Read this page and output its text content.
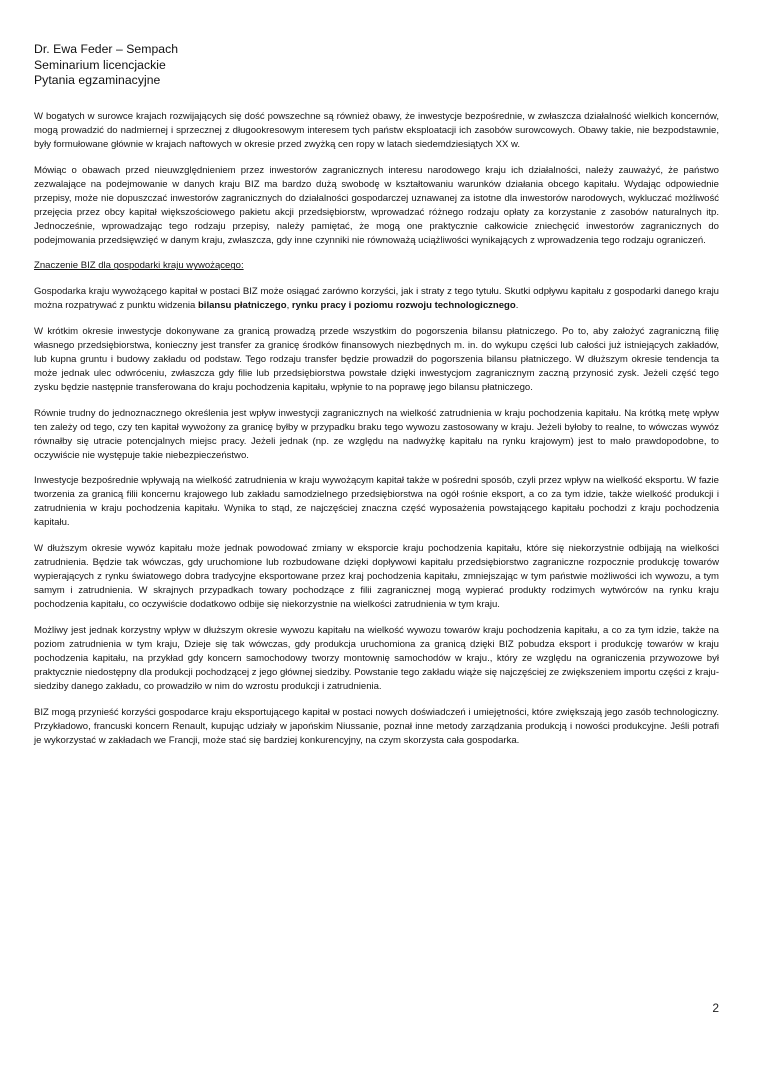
Dr. Ewa Feder – Sempach
Seminarium licencjackie
Pytania egzaminacyjne

W bogatych w surowce krajach rozwijających się dość powszechne są również obawy, że inwestycje bezpośrednie, w zwłaszcza działalność wielkich koncernów, mogą prowadzić do nadmiernej i sprzecznej z długookresowym interesem tych państw eksploatacji ich zasobów surowcowych. Obawy takie, nie bezpodstawnie, były formułowane głównie w krajach naftowych w okresie przed zwyżką cen ropy w latach siedemdziesiątych XX w.

Mówiąc o obawach przed nieuwzględnieniem przez inwestorów zagranicznych interesu narodowego kraju ich działalności, należy zauważyć, że państwo zezwalające na podejmowanie w danych kraju BIZ ma bardzo dużą swobodę w kształtowaniu warunków działania obcego kapitału. Wydając odpowiednie przepisy, może nie dopuszczać inwestorów zagranicznych do działalności gospodarczej uznawanej za istotne dla inwestorów narodowych, wykluczać możliwość przejęcia przez obcy kapitał większościowego pakietu akcji przedsiębiorstw, wprowadzać różnego rodzaju opłaty za korzystanie z zasobów naturalnych itp. Jednocześnie, wprowadzając tego rodzaju przepisy, należy pamiętać, że mogą one praktycznie całkowicie zniechęcić inwestorów zagranicznych do podejmowania przedsięwzięć w danym kraju, zwłaszcza, gdy inne czynniki nie równoważą uciążliwości wynikających z wprowadzenia tego rodzaju ograniczeń.

Znaczenie BIZ dla gospodarki kraju wywożącego:

Gospodarka kraju wywożącego kapitał w postaci BIZ może osiągać zarówno korzyści, jak i straty z tego tytułu. Skutki odpływu kapitału z gospodarki danego kraju można rozpatrywać z punktu widzenia bilansu płatniczego, rynku pracy i poziomu rozwoju technologicznego.

W krótkim okresie inwestycje dokonywane za granicą prowadzą przede wszystkim do pogorszenia bilansu płatniczego. Po to, aby założyć zagraniczną filię własnego przedsiębiorstwa, konieczny jest transfer za granicę środków finansowych niezbędnych m. in. do wykupu części lub całości już istniejących zakładów, lub kupna gruntu i budowy zakładu od podstaw. Tego rodzaju transfer będzie prowadził do pogorszenia bilansu płatniczego. W dłuższym okresie tendencja ta może jednak ulec odwróceniu, zwłaszcza gdy filie lub przedsiębiorstwa powstałe dzięki inwestycjom zagranicznym zaczną przynosić zysk. Jeżeli część tego zysku będzie następnie transferowana do kraju pochodzenia kapitału, wpłynie to na poprawę jego bilansu płatniczego.

Równie trudny do jednoznacznego określenia jest wpływ inwestycji zagranicznych na wielkość zatrudnienia w kraju pochodzenia kapitału. Na krótką metę wpływ ten zależy od tego, czy ten kapitał wywożony za granicę byłby w przypadku braku tego wywozu zastosowany w kraju. Jeżeli byłoby to realne, to wówczas wywóz równałby się utracie potencjalnych miejsc pracy. Jeżeli jednak (np. ze względu na nadwyżkę kapitału na rynku krajowym) jest to mało prawdopodobne, to oczywiście nie występuje takie niebezpieczeństwo.

Inwestycje bezpośrednie wpływają na wielkość zatrudnienia w kraju wywożącym kapitał także w pośredni sposób, czyli przez wpływ na wielkość eksportu. W fazie tworzenia za granicą filii koncernu krajowego lub zakładu samodzielnego przedsiębiorstwa na ogół rośnie eksport, a co za tym idzie, także wielkość produkcji i zatrudnienia w kraju pochodzenia kapitału. Wynika to stąd, ze najczęściej znaczna część wyposażenia powstającego kapitału pochodzi z kraju pochodzenia kapitału.

W dłuższym okresie wywóz kapitału może jednak powodować zmiany w eksporcie kraju pochodzenia kapitału, które się niekorzystnie odbijają na wielkości zatrudnienia. Będzie tak wówczas, gdy uruchomione lub rozbudowane dzięki dopływowi kapitału przedsiębiorstwo zagraniczne rozpocznie produkcję towarów wypierających z rynku światowego dobra tradycyjne eksportowane przez kraj pochodzenia kapitału, zmniejszając w tym państwie możliwości ich wywozu, a tym samym i zatrudnienia. W skrajnych przypadkach towary pochodzące z filii zagranicznej mogą wypierać produkty rodzimych wytwórców na rynku kraju pochodzenia kapitału, co oczywiście dodatkowo odbije się niekorzystnie na wielkości zatrudnienia w tym kraju.

Możliwy jest jednak korzystny wpływ w dłuższym okresie wywozu kapitału na wielkość wywozu towarów kraju pochodzenia kapitału, a co za tym idzie, także na poziom zatrudnienia w tym kraju, Dzieje się tak wówczas, gdy produkcja uruchomiona za granicą dzięki BIZ pobudza eksport i produkcję towarów w kraju pochodzenia kapitału, na przykład gdy koncern samochodowy tworzy montownię samochodów w kraju., który ze względu na ograniczenia przywozowe był praktycznie niedostępny dla produkcji pochodzącej z jego głównej siedziby. Powstanie tego zakładu wiąże się najczęściej ze zwiększeniem importu części z kraju-siedziby danego zakładu, co prowadziło w nim do wzrostu produkcji i zatrudnienia.

BIZ mogą przynieść korzyści gospodarce kraju eksportującego kapitał w postaci nowych doświadczeń i umiejętności, które zwiększają jego zasób technologiczny. Przykładowo, francuski koncern Renault, kupując udziały w japońskim Niussanie, poznał inne metody zarządzania produkcją i nowości produkcyjne. Jeśli potrafi je wykorzystać w zakładach we Francji, może stać się bardziej konkurencyjny, na czym skorzysta cała gospodarka.

2
